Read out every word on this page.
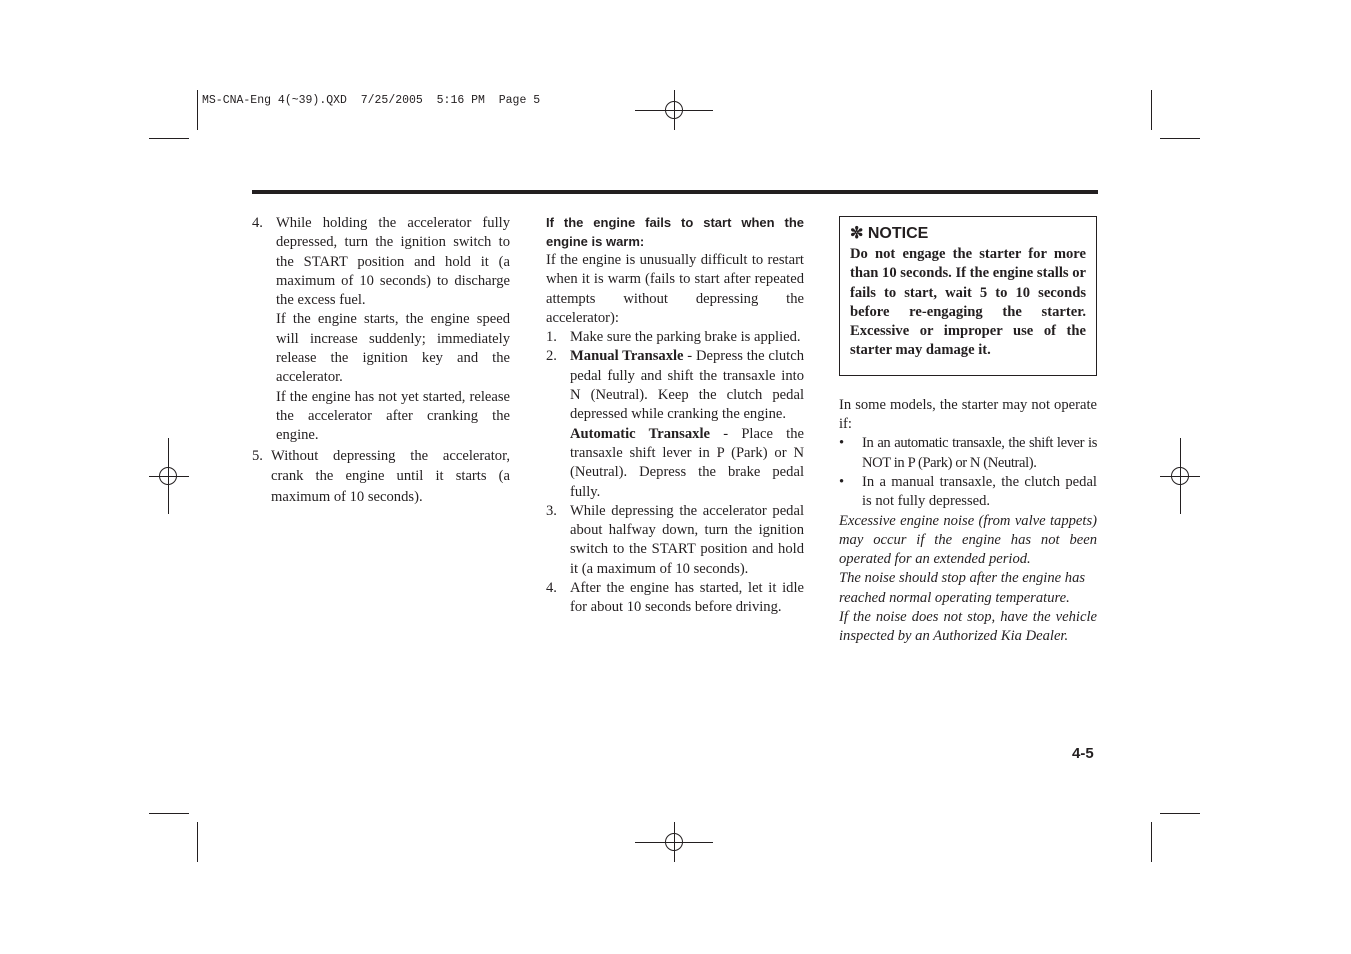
MS-CNA-Eng 4(~39).QXD  7/25/2005  5:16 PM  Page 5
4. While holding the accelerator fully depressed, turn the ignition switch to the START position and hold it (a maximum of 10 seconds) to discharge the excess fuel.

If the engine starts, the engine speed will increase suddenly; immediately release the ignition key and the accelerator.

If the engine has not yet started, release the accelerator after cranking the engine.

5. Without depressing the accelerator, crank the engine until it starts (a maximum of 10 seconds).

If the engine fails to start when the engine is warm:

If the engine is unusually difficult to restart when it is warm (fails to start after repeated attempts without depressing the accelerator):

1. Make sure the parking brake is applied.

2. Manual Transaxle - Depress the clutch pedal fully and shift the transaxle into N (Neutral). Keep the clutch pedal depressed while cranking the engine.

Automatic Transaxle - Place the transaxle shift lever in P (Park) or N (Neutral). Depress the brake pedal fully.

3. While depressing the accelerator pedal about halfway down, turn the ignition switch to the START position and hold it (a maximum of 10 seconds).

4. After the engine has started, let it idle for about 10 seconds before driving.

✼ NOTICE

Do not engage the starter for more than 10 seconds. If the engine stalls or fails to start, wait 5 to 10 seconds before re-engaging the starter. Excessive or improper use of the starter may damage it.

In some models, the starter may not operate if:

• In an automatic transaxle, the shift lever is NOT in P (Park) or N (Neutral).

• In a manual transaxle, the clutch pedal is not fully depressed.

Excessive engine noise (from valve tappets) may occur if the engine has not been operated for an extended period.

The noise should stop after the engine has reached normal operating temperature.

If the noise does not stop, have the vehicle inspected by an Authorized Kia Dealer.

4-5
